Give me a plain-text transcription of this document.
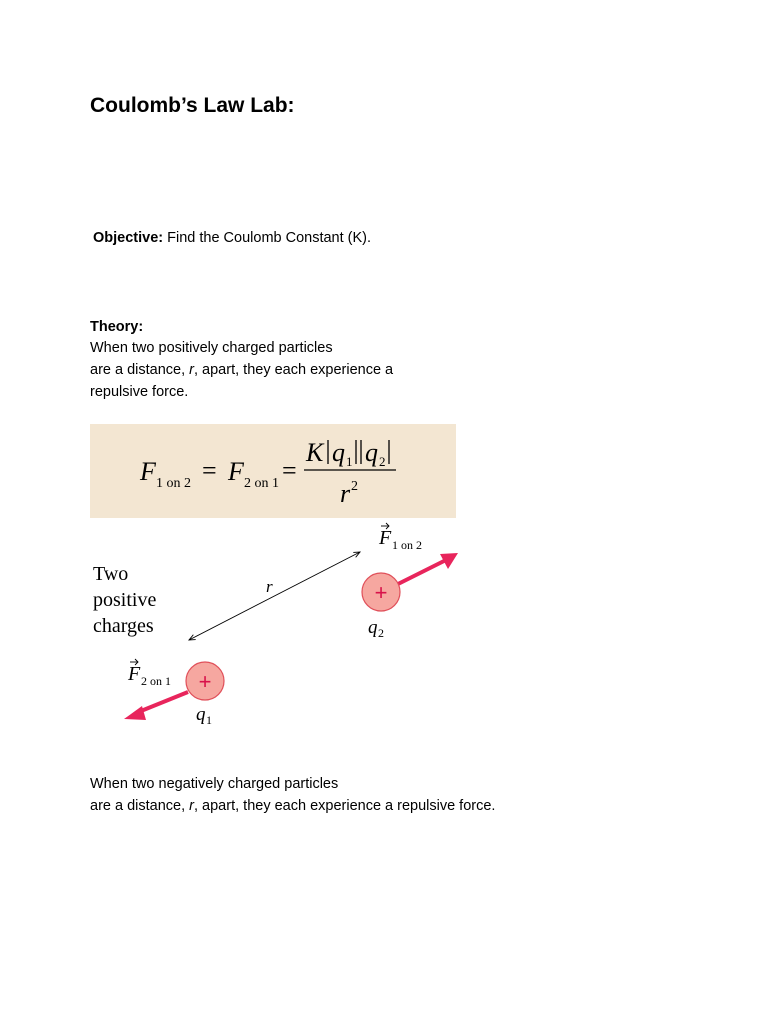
Coulomb’s Law Lab:
Objective: Find the Coulomb Constant (K).
Theory:
When two positively charged particles
are a distance, r, apart, they each experience a
repulsive force.
F 1 on 2 = F 2 on 1 =
K q 1 q 2
r 2
Two
positive
charges
r	+
+
q 2
q 1
F 1 on 2
F 2 on 1
When two negatively charged particles
are a distance, r, apart, they each experience a repulsive force.
